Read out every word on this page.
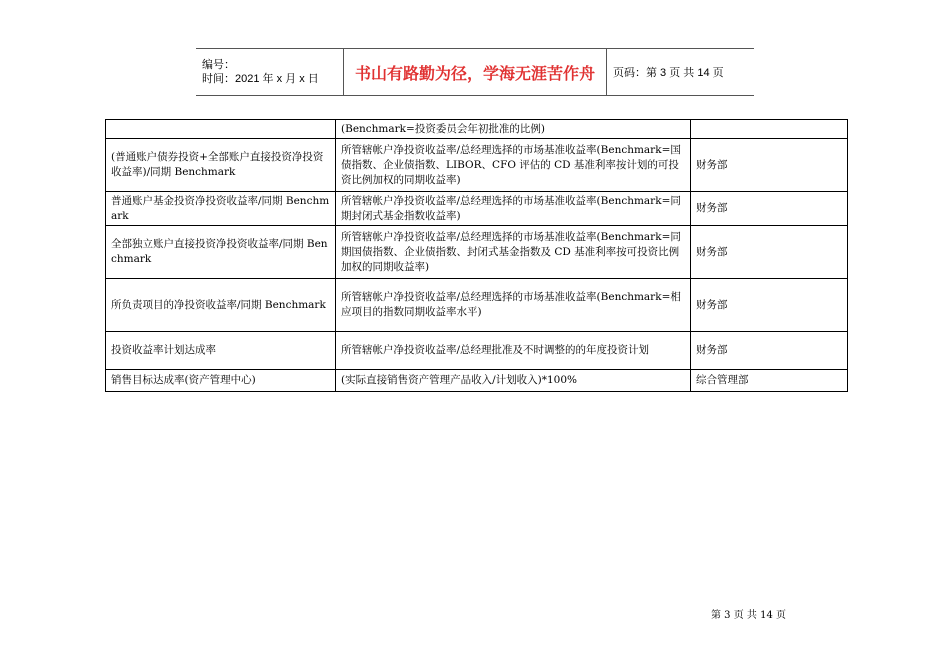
编号：
时间：2021 年 x 月 x 日	书山有路勤为径，学海无涯苦作舟	页码：第 3 页 共 14 页
	(Benchmark=投资委员会年初批准的比例)	
(普通账户债券投资+全部账户直接投资净投资收益率)/同期 Benchmark	所管辖帐户净投资收益率/总经理选择的市场基准收益率(Benchmark=国债指数、企业债指数、LIBOR、CFO 评估的 CD 基准利率按计划的可投资比例加权的同期收益率)	财务部
普通账户基金投资净投资收益率/同期 Benchmark	所管辖帐户净投资收益率/总经理选择的市场基准收益率(Benchmark=同期封闭式基金指数收益率)	财务部
全部独立账户直接投资净投资收益率/同期 Benchmark	所管辖帐户净投资收益率/总经理选择的市场基准收益率(Benchmark=同期国债指数、企业债指数、封闭式基金指数及 CD 基准利率按可投资比例加权的同期收益率)	财务部
所负责项目的净投资收益率/同期 Benchmark	所管辖帐户净投资收益率/总经理选择的市场基准收益率(Benchmark=相应项目的指数同期收益率水平)	财务部
投资收益率计划达成率	所管辖帐户净投资收益率/总经理批准及不时调整的的年度投资计划	财务部
销售目标达成率(资产管理中心)	(实际直接销售资产管理产品收入/计划收入)*100%	综合管理部
第 3 页 共 14 页
